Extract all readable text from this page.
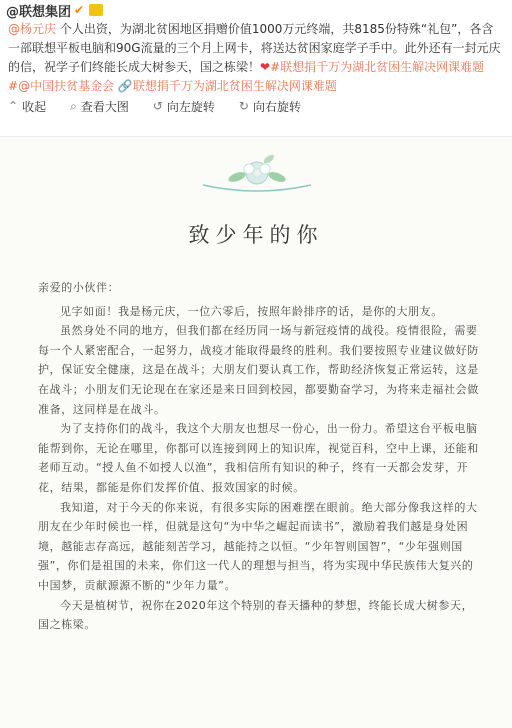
@联想集团 ✔
@杨元庆 个人出资，为湖北贫困地区捐赠价值1000万元终端，共8185份特殊“礼包”，各含一部联想平板电脑和90G流量的三个月上网卡，将送达贫困家庭学子手中。此外还有一封元庆的信，祝学子们终能长成大树参天，国之栋梁！❤#联想捐千万为湖北贫困生解决网课难题#@中国扶贫基金会 🔗联想捐千万为湖北贫困生解决网课难题
⌃ 收起 ⌕ 查看大图 ↺ 向左旋转 ↻ 向右旋转
致少年的你

亲爱的小伙伴：

见字如面！我是杨元庆，一位六零后，按照年龄排序的话，是你的大朋友。

虽然身处不同的地方，但我们都在经历同一场与新冠疫情的战役。疫情很险，需要每一个人紧密配合，一起努力，战疫才能取得最终的胜利。我们要按照专业建议做好防护，保证安全健康，这是在战斗；大朋友们要认真工作，帮助经济恢复正常运转，这是在战斗；小朋友们无论现在在家还是来日回到校园，都要勤奋学习，为将来走福社会做准备，这同样是在战斗。

为了支持你们的战斗，我这个大朋友也想尽一份心，出一份力。希望这台平板电脑能帮到你，无论在哪里，你都可以连接到网上的知识库，视觉百科，空中上课，还能和老师互动。“授人鱼不如授人以渔”，我相信所有知识的种子，终有一天都会发芽，开花，结果，都能是你们发挥价值、报效国家的时候。

我知道，对于今天的你来说，有很多实际的困难摆在眼前。绝大部分像我这样的大朋友在少年时候也一样，但就是这句“为中华之崛起而读书”，激励着我们越是身处困境，越能志存高远，越能刻苦学习，越能持之以恒。“少年智则国智”，“少年强则国强”，你们是祖国的未来，你们这一代人的理想与担当，将为实现中华民族伟大复兴的中国梦，贡献源源不断的“少年力量”。

今天是植树节，祝你在2020年这个特别的春天播种的梦想，终能长成大树参天，国之栋梁。
